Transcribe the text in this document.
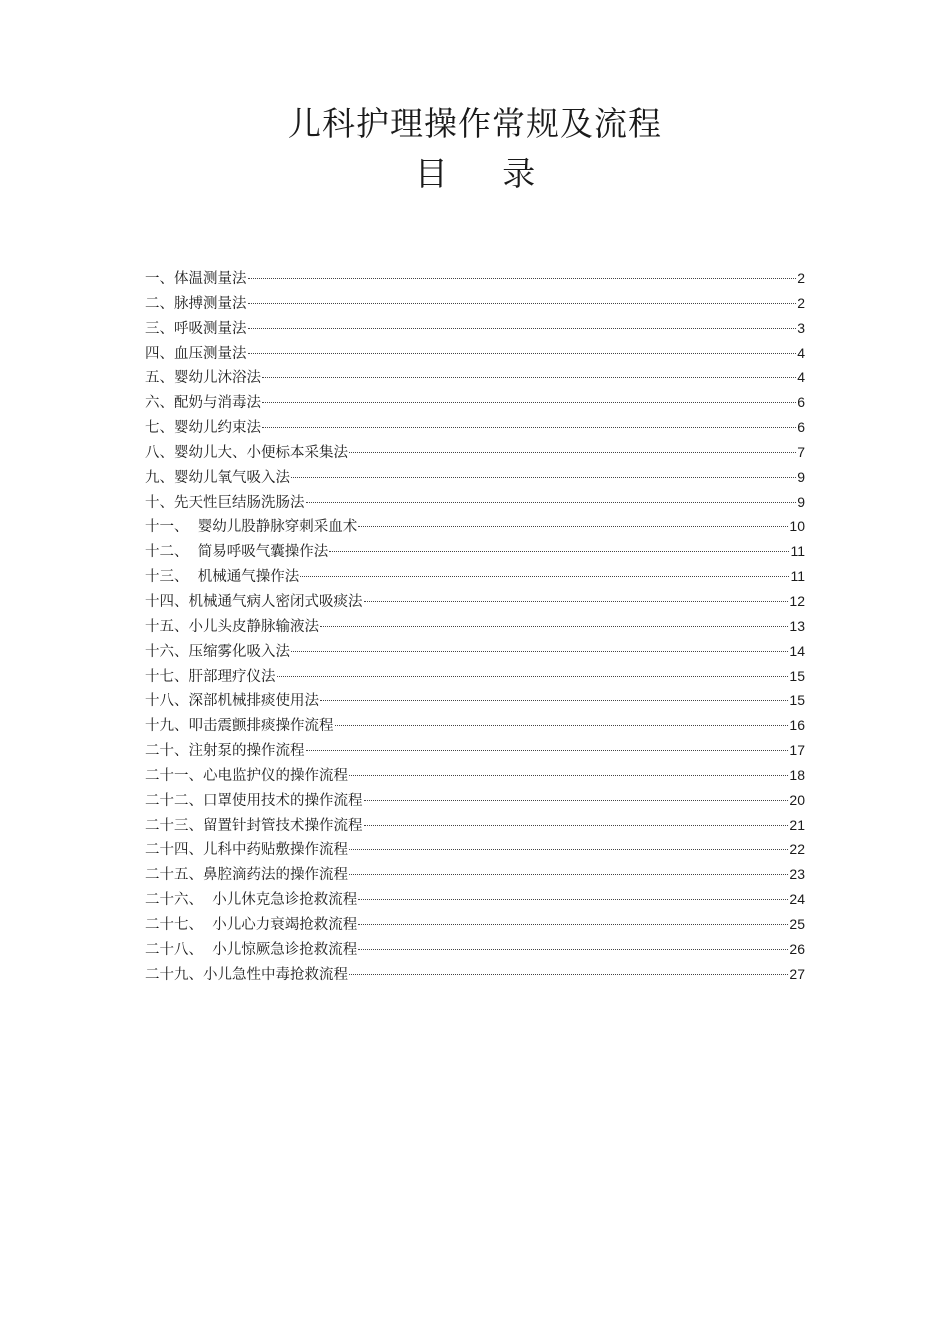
儿科护理操作常规及流程
目 录
一、体温测量法	2
二、脉搏测量法	2
三、呼吸测量法	3
四、血压测量法	4
五、婴幼儿沐浴法	4
六、配奶与消毒法	6
七、婴幼儿约束法	6
八、婴幼儿大、小便标本采集法	7
九、婴幼儿氧气吸入法	9
十、先天性巨结肠洗肠法	9
十一、  婴幼儿股静脉穿刺采血术	10
十二、  简易呼吸气囊操作法	11
十三、  机械通气操作法	11
十四、机械通气病人密闭式吸痰法	12
十五、小儿头皮静脉输液法	13
十六、压缩雾化吸入法	14
十七、肝部理疗仪法	15
十八、深部机械排痰使用法	15
十九、叩击震颤排痰操作流程	16
二十、注射泵的操作流程	17
二十一、心电监护仪的操作流程	18
二十二、口罩使用技术的操作流程	20
二十三、留置针封管技术操作流程	21
二十四、儿科中药贴敷操作流程	22
二十五、鼻腔滴药法的操作流程	23
二十六、  小儿休克急诊抢救流程	24
二十七、  小儿心力衰竭抢救流程	25
二十八、  小儿惊厥急诊抢救流程	26
二十九、小儿急性中毒抢救流程	27
